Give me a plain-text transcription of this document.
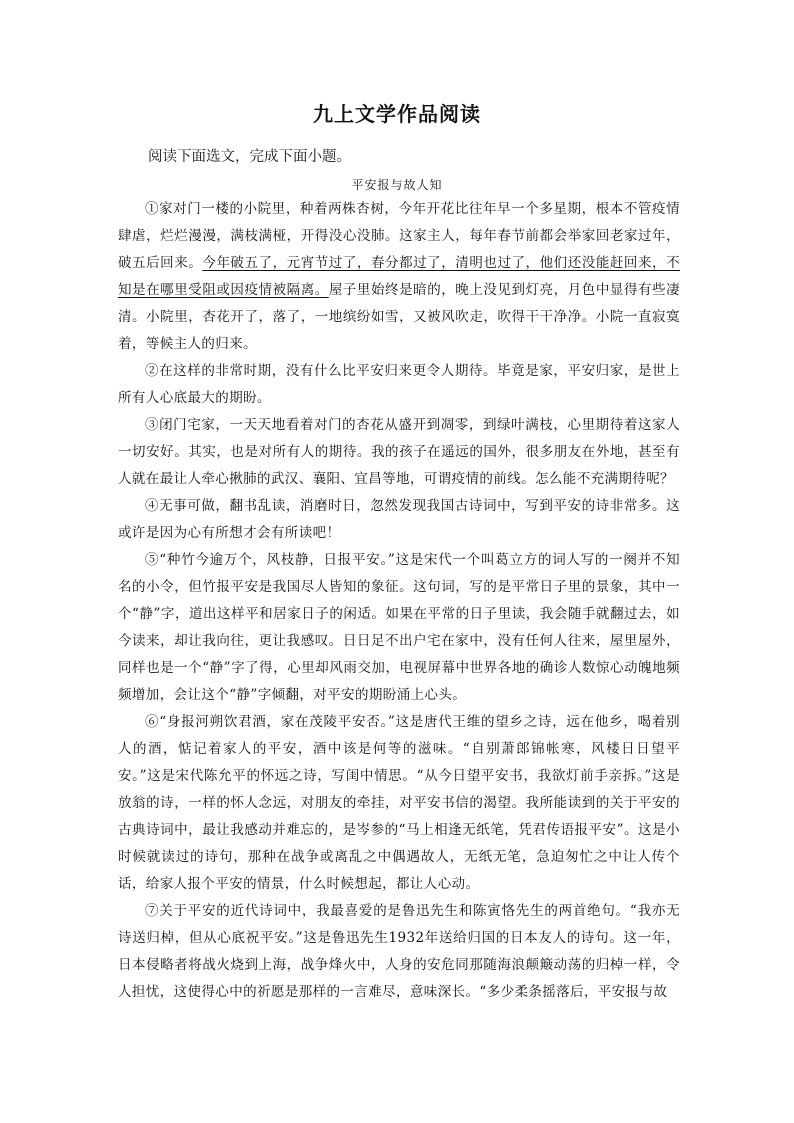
九上文学作品阅读
阅读下面选文，完成下面小题。
平安报与故人知

①家对门一楼的小院里，种着两株杏树，今年开花比往年早一个多星期，根本不管疫情肆虐，烂烂漫漫，满枝满桠，开得没心没肺。这家主人，每年春节前都会举家回老家过年，破五后回来。今年破五了，元宵节过了，春分都过了，清明也过了，他们还没能赶回来，不知是在哪里受阻或因疫情被隔离。屋子里始终是暗的，晚上没见到灯亮，月色中显得有些凄清。小院里，杏花开了，落了，一地缤纷如雪，又被风吹走，吹得干干净净。小院一直寂寞着，等候主人的归来。

②在这样的非常时期，没有什么比平安归来更令人期待。毕竟是家，平安归家，是世上所有人心底最大的期盼。

③闭门宅家，一天天地看着对门的杏花从盛开到凋零，到绿叶满枝，心里期待着这家人一切安好。其实，也是对所有人的期待。我的孩子在遥远的国外，很多朋友在外地，甚至有人就在最让人牵心揪肺的武汉、襄阳、宜昌等地，可谓疫情的前线。怎么能不充满期待呢？

④无事可做，翻书乱读，消磨时日，忽然发现我国古诗词中，写到平安的诗非常多。这或许是因为心有所想才会有所读吧！

⑤“种竹今逾万个，风枝静，日报平安。”这是宋代一个叫葛立方的词人写的一阕并不知名的小令，但竹报平安是我国尽人皆知的象征。这句词，写的是平常日子里的景象，其中一个“静”字，道出这样平和居家日子的闲适。如果在平常的日子里读，我会随手就翻过去，如今读来，却让我向往，更让我感叹。日日足不出户宅在家中，没有任何人往来，屋里屋外，同样也是一个“静”字了得，心里却风雨交加，电视屏幕中世界各地的确诊人数惊心动魄地频频增加，会让这个“静”字倾翻，对平安的期盼涌上心头。

⑥“身报河朔饮君酒，家在茂陵平安否。”这是唐代王维的望乡之诗，远在他乡，喝着别人的酒，惦记着家人的平安，酒中该是何等的滋味。“自别萧郎锦帐寒，风楼日日望平安。”这是宋代陈允平的怀远之诗，写闺中情思。“从今日望平安书，我欲灯前手亲拆。”这是放翁的诗，一样的怀人念远，对朋友的牵挂，对平安书信的渴望。我所能读到的关于平安的古典诗词中，最让我感动并难忘的，是岑参的“马上相逢无纸笔，凭君传语报平安”。这是小时候就读过的诗句，那种在战争或离乱之中偶遇故人，无纸无笔，急迫匆忙之中让人传个话，给家人报个平安的情景，什么时候想起，都让人心动。

⑦关于平安的近代诗词中，我最喜爱的是鲁迅先生和陈寅恪先生的两首绝句。“我亦无诗送归棹，但从心底祝平安。”这是鲁迅先生1932年送给归国的日本友人的诗句。这一年，日本侵略者将战火烧到上海，战争烽火中，人身的安危同那随海浪颠簸动荡的归棹一样，令人担忧，这使得心中的祈愿是那样的一言难尽，意味深长。“多少柔条摇落后，平安报与故
